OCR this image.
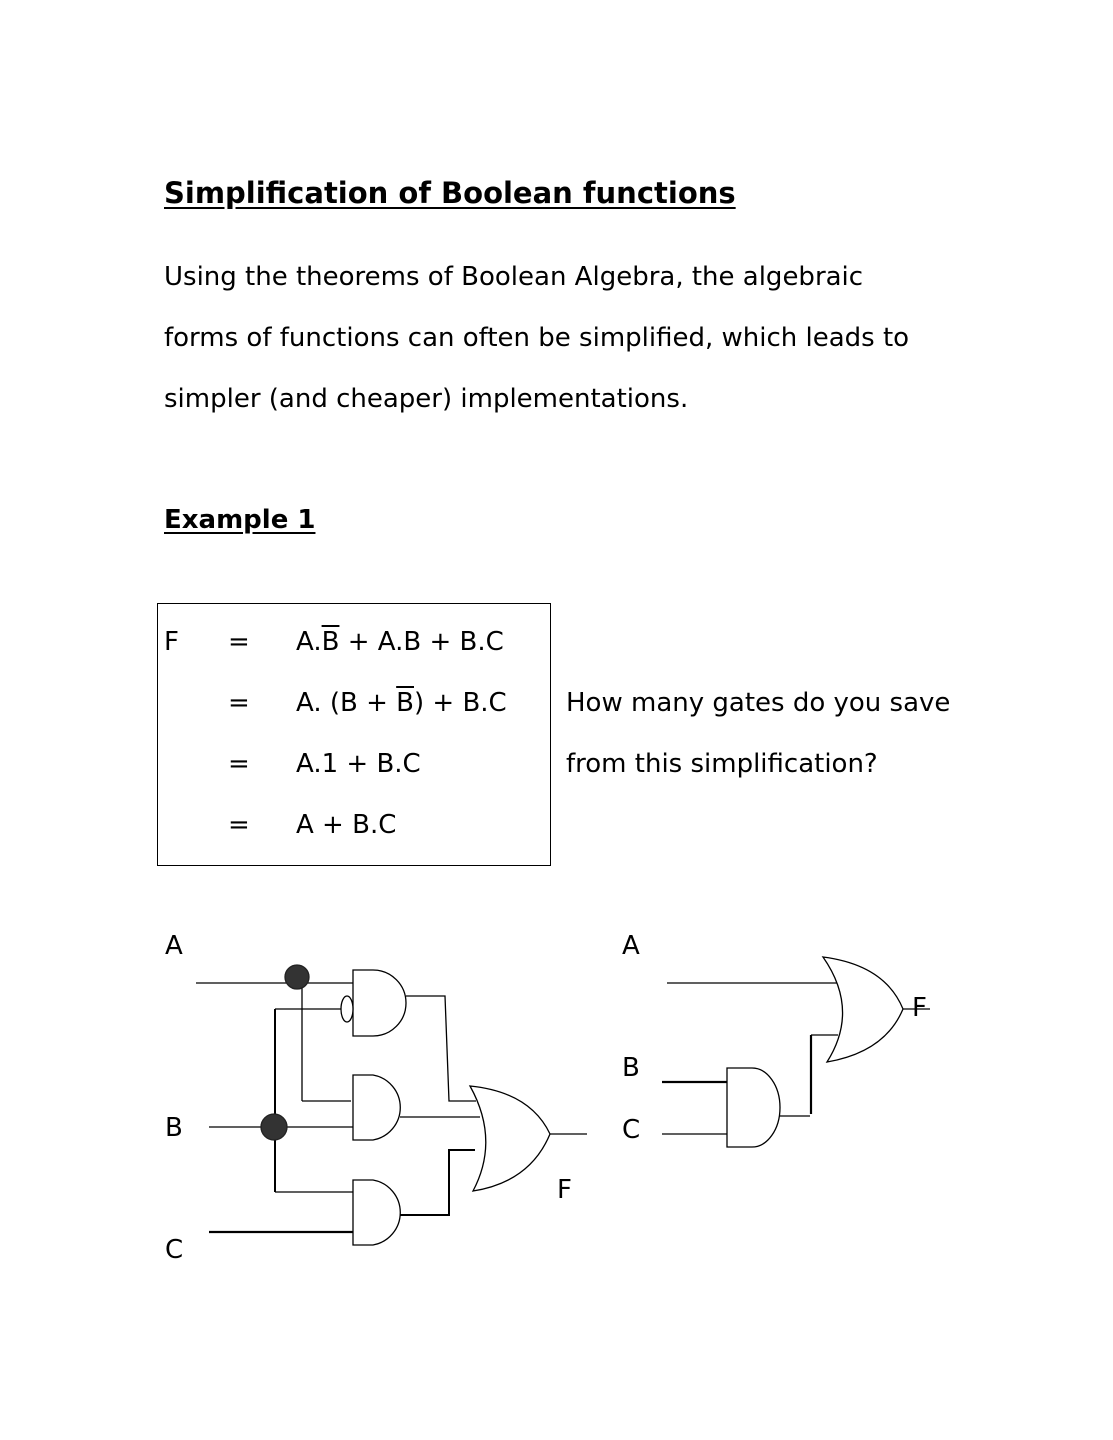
Simplification of Boolean functions
Using the theorems of Boolean Algebra, the algebraic
forms of functions can often be simplified, which leads to
simpler (and cheaper) implementations.
Example 1
$F = A.\overline{B} + A.B + B.C$
= A. $(B + \overline{B}) + B.C$
= A.1 + B.C
= A + B.C
How many gates do you save
from this simplification?
A
B
C
F
A
B
C
F
